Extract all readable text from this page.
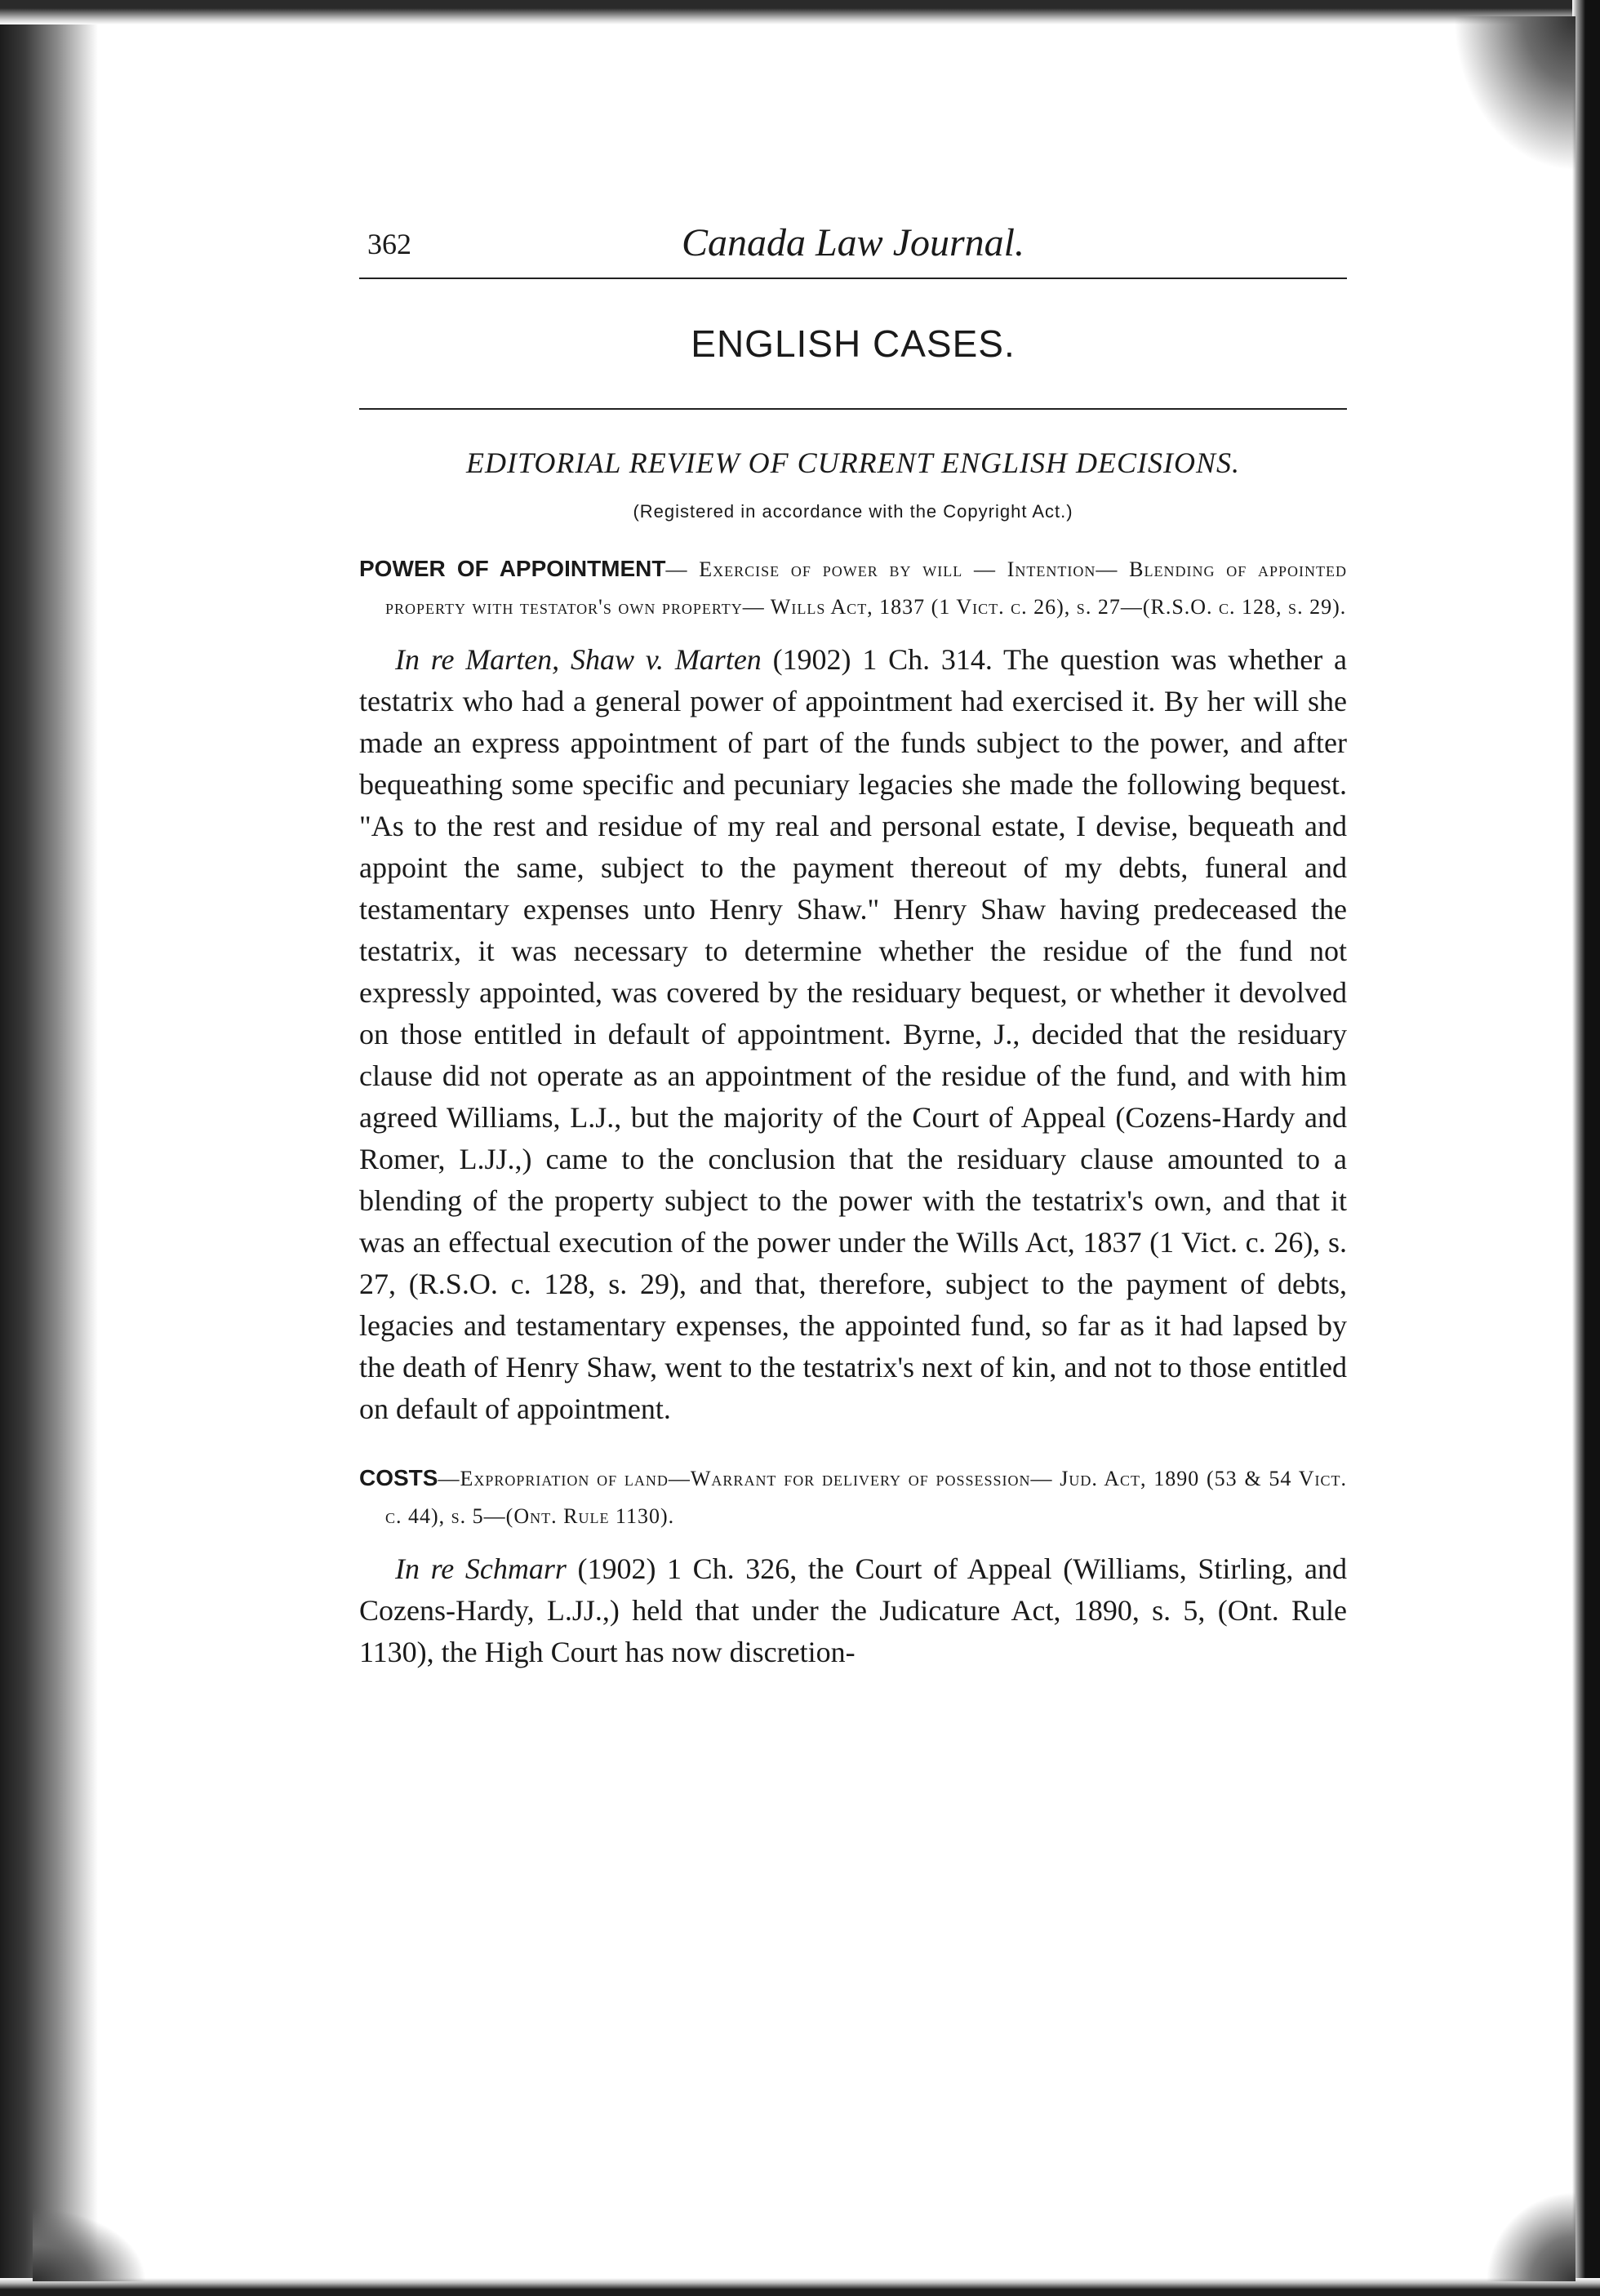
362	Canada Law Journal.
ENGLISH CASES.
EDITORIAL REVIEW OF CURRENT ENGLISH DECISIONS.
(Registered in accordance with the Copyright Act.)
POWER OF APPOINTMENT— Exercise of power by will — Intention— Blending of appointed property with testator's own property— Wills Act, 1837 (1 Vict. c. 26), s. 27—(R.S.O. c. 128, s. 29).

In re Marten, Shaw v. Marten (1902) 1 Ch. 314. The question was whether a testatrix who had a general power of appointment had exercised it. By her will she made an express appointment of part of the funds subject to the power, and after bequeathing some specific and pecuniary legacies she made the following bequest. "As to the rest and residue of my real and personal estate, I devise, bequeath and appoint the same, subject to the payment thereout of my debts, funeral and testamentary expenses unto Henry Shaw." Henry Shaw having predeceased the testatrix, it was necessary to determine whether the residue of the fund not expressly appointed, was covered by the residuary bequest, or whether it devolved on those entitled in default of appointment. Byrne, J., decided that the residuary clause did not operate as an appointment of the residue of the fund, and with him agreed Williams, L.J., but the majority of the Court of Appeal (Cozens-Hardy and Romer, L.JJ.,) came to the conclusion that the residuary clause amounted to a blending of the property subject to the power with the testatrix's own, and that it was an effectual execution of the power under the Wills Act, 1837 (1 Vict. c. 26), s. 27, (R.S.O. c. 128, s. 29), and that, therefore, subject to the payment of debts, legacies and testamentary expenses, the appointed fund, so far as it had lapsed by the death of Henry Shaw, went to the testatrix's next of kin, and not to those entitled on default of appointment.

COSTS—Expropriation of land—Warrant for delivery of possession— Jud. Act, 1890 (53 & 54 Vict. c. 44), s. 5—(Ont. Rule 1130).

In re Schmarr (1902) 1 Ch. 326, the Court of Appeal (Williams, Stirling, and Cozens-Hardy, L.JJ.,) held that under the Judicature Act, 1890, s. 5, (Ont. Rule 1130), the High Court has now discretion-
